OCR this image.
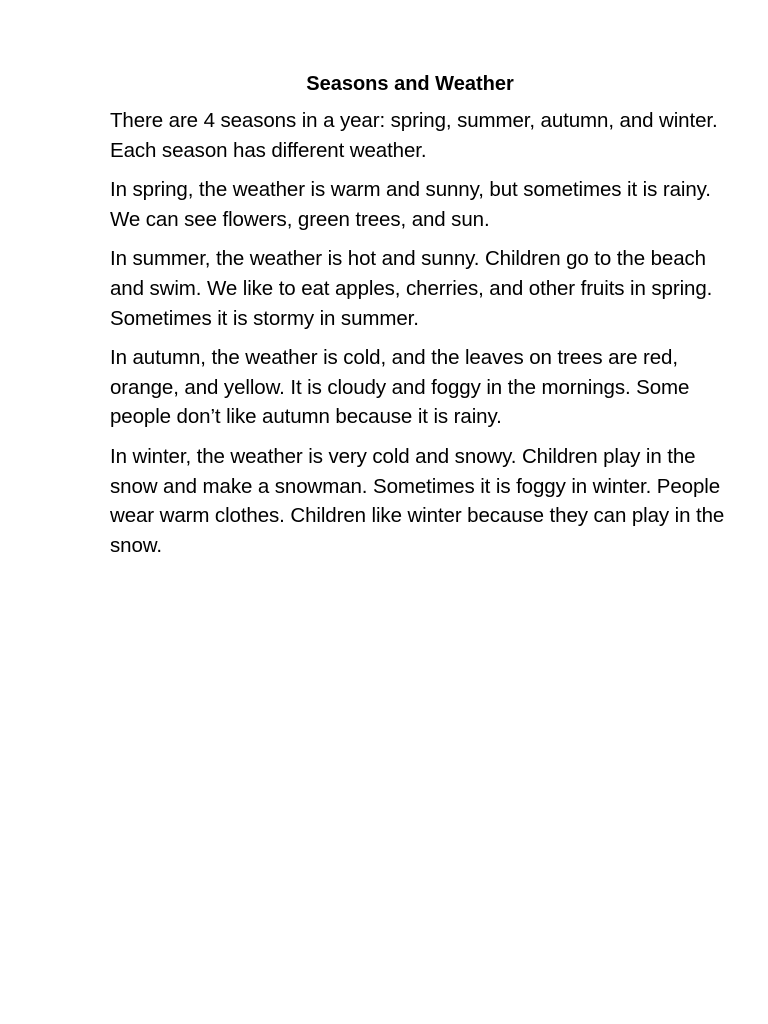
Seasons and Weather

There are 4 seasons in a year: spring, summer, autumn, and winter. Each season has different weather.

In spring, the weather is warm and sunny, but sometimes it is rainy. We can see flowers, green trees, and sun.

In summer, the weather is hot and sunny. Children go to the beach and swim. We like to eat apples, cherries, and other fruits in spring. Sometimes it is stormy in summer.

In autumn, the weather is cold, and the leaves on trees are red, orange, and yellow. It is cloudy and foggy in the mornings. Some people don’t like autumn because it is rainy.

In winter, the weather is very cold and snowy. Children play in the snow and make a snowman. Sometimes it is foggy in winter. People wear warm clothes. Children like winter because they can play in the snow.
